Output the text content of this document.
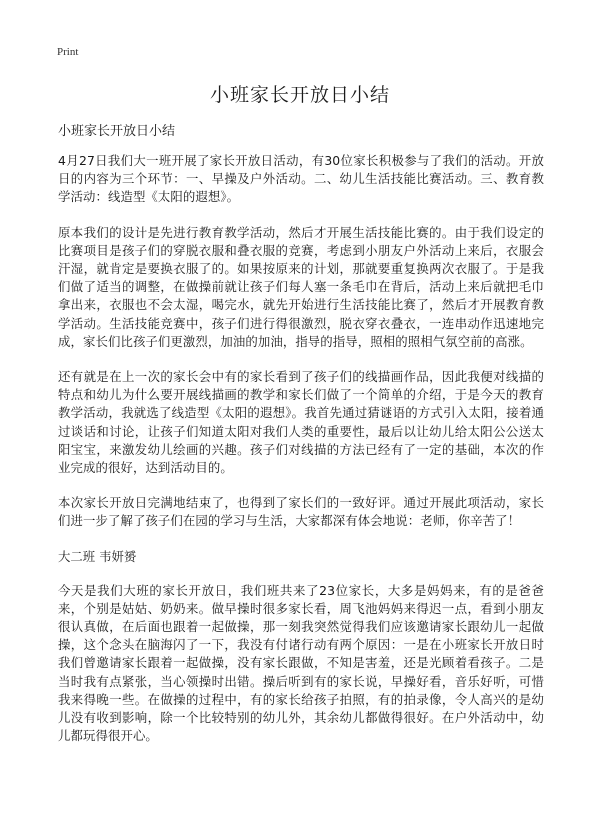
Print
小班家长开放日小结

小班家长开放日小结

4月27日我们大一班开展了家长开放日活动，有30位家长积极参与了我们的活动。开放日的内容为三个环节：一、早操及户外活动。二、幼儿生活技能比赛活动。三、教育教学活动：线造型《太阳的遐想》。

原本我们的设计是先进行教育教学活动，然后才开展生活技能比赛的。由于我们设定的比赛项目是孩子们的穿脱衣服和叠衣服的竞赛，考虑到小朋友户外活动上来后，衣服会汗湿，就肯定是要换衣服了的。如果按原来的计划，那就要重复换两次衣服了。于是我们做了适当的调整，在做操前就让孩子们每人塞一条毛巾在背后，活动上来后就把毛巾拿出来，衣服也不会太湿，喝完水，就先开始进行生活技能比赛了，然后才开展教育教学活动。生活技能竞赛中，孩子们进行得很激烈，脱衣穿衣叠衣，一连串动作迅速地完成，家长们比孩子们更激烈，加油的加油，指导的指导，照相的照相气氛空前的高涨。

还有就是在上一次的家长会中有的家长看到了孩子们的线描画作品，因此我便对线描的特点和幼儿为什么要开展线描画的教学和家长们做了一个简单的介绍，于是今天的教育教学活动，我就选了线造型《太阳的遐想》。我首先通过猜谜语的方式引入太阳，接着通过谈话和讨论，让孩子们知道太阳对我们人类的重要性，最后以让幼儿给太阳公公送太阳宝宝，来激发幼儿绘画的兴趣。孩子们对线描的方法已经有了一定的基础，本次的作业完成的很好，达到活动目的。

本次家长开放日完满地结束了，也得到了家长们的一致好评。通过开展此项活动，家长们进一步了解了孩子们在园的学习与生活，大家都深有体会地说：老师，你辛苦了！

大二班 韦妍赟

今天是我们大班的家长开放日，我们班共来了23位家长，大多是妈妈来，有的是爸爸来，个别是姑姑、奶奶来。做早操时很多家长看，周飞池妈妈来得迟一点，看到小朋友很认真做，在后面也跟着一起做操，那一刻我突然觉得我们应该邀请家长跟幼儿一起做操，这个念头在脑海闪了一下，我没有付诸行动有两个原因：一是在小班家长开放日时我们曾邀请家长跟着一起做操，没有家长跟做，不知是害羞，还是光顾着看孩子。二是当时我有点紧张，当心领操时出错。操后听到有的家长说，早操好看，音乐好听，可惜我来得晚一些。在做操的过程中，有的家长给孩子拍照，有的拍录像，令人高兴的是幼儿没有收到影响，除一个比较特别的幼儿外，其余幼儿都做得很好。在户外活动中，幼儿都玩得很开心。
